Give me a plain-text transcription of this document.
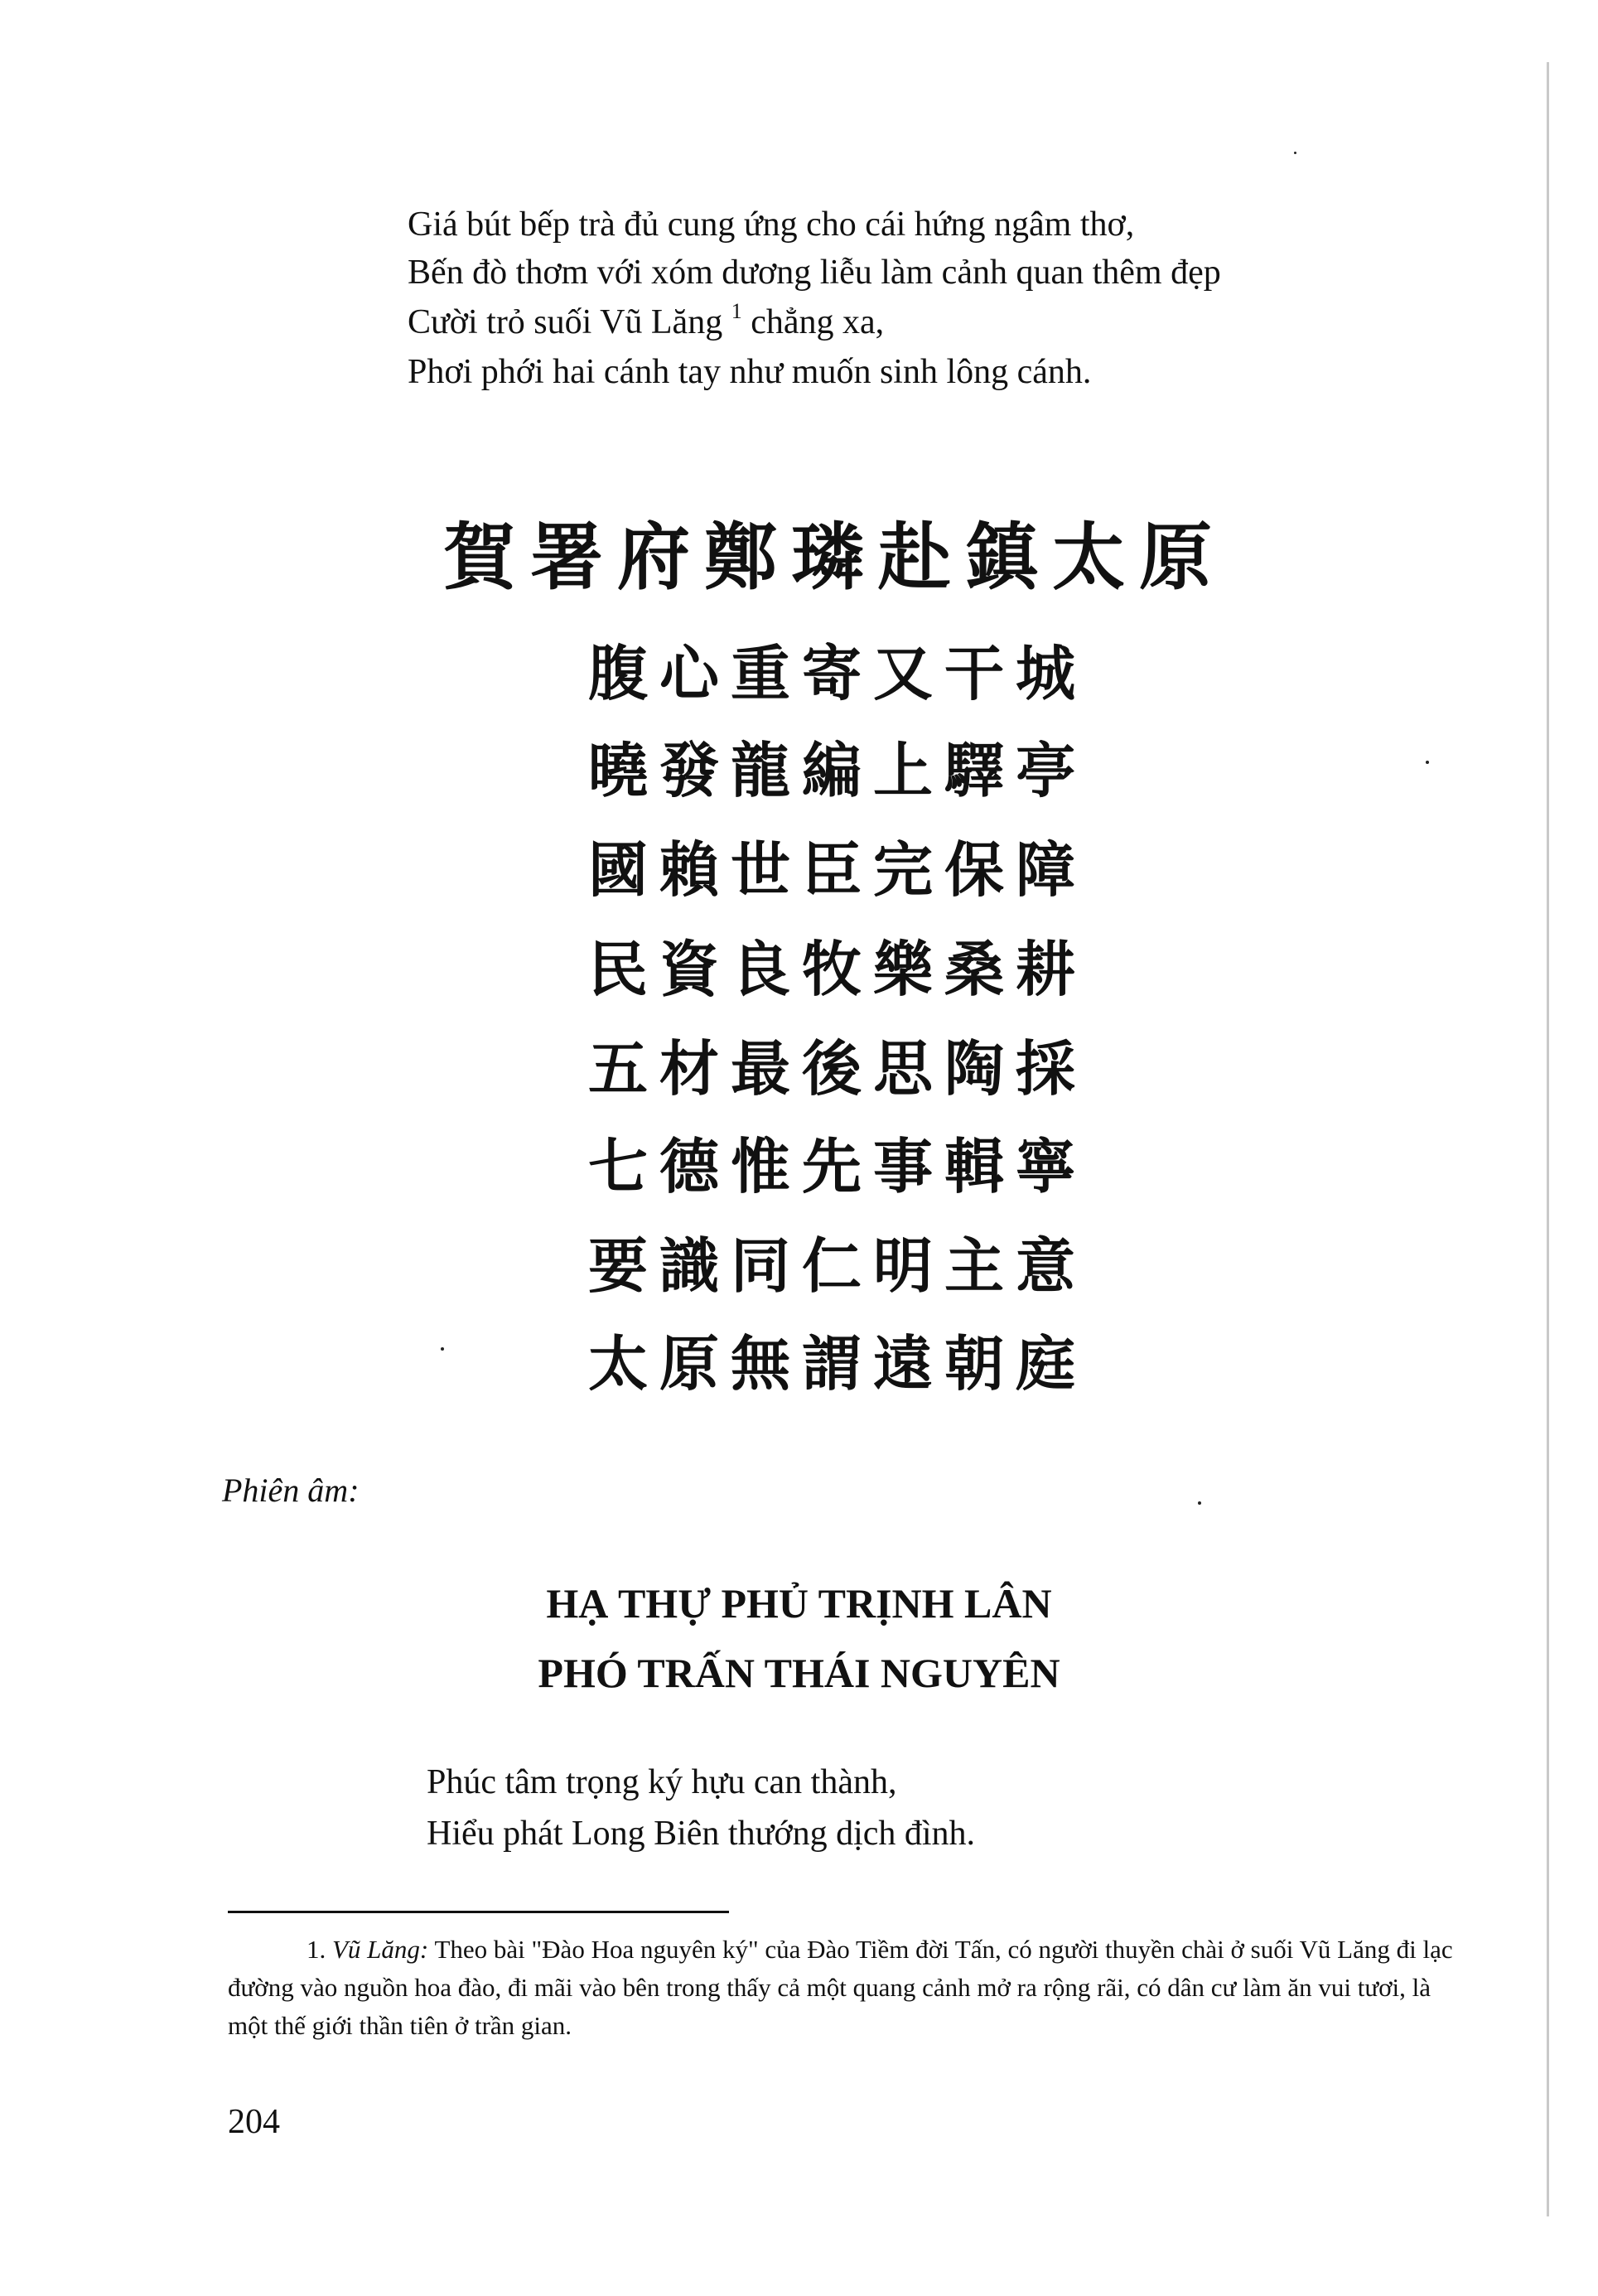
Giá bút bếp trà đủ cung ứng cho cái hứng ngâm thơ,
Bến đò thơm với xóm dương liễu làm cảnh quan thêm đẹp
Cười trỏ suối Vũ Lăng $^1$ chẳng xa,
Phơi phới hai cánh tay như muốn sinh lông cánh.
賀署府鄭璘赴鎮太原
腹心重寄又干城
曉發龍編上驛亭
國賴世臣完保障
民資良牧樂桑耕
五材最後思陶採
七德惟先事輯寧
要識同仁明主意
太原無謂遠朝庭
Phiên âm:
HẠ THỰ PHỦ TRỊNH LÂN
PHÓ TRẤN THÁI NGUYÊN
Phúc tâm trọng ký hựu can thành,
Hiểu phát Long Biên thướng dịch đình.
1. Vũ Lăng: Theo bài "Đào Hoa nguyên ký" của Đào Tiềm đời Tấn, có người thuyền chài ở suối Vũ Lăng đi lạc đường vào nguồn hoa đào, đi mãi vào bên trong thấy cả một quang cảnh mở ra rộng rãi, có dân cư làm ăn vui tươi, là một thế giới thần tiên ở trần gian.
204
